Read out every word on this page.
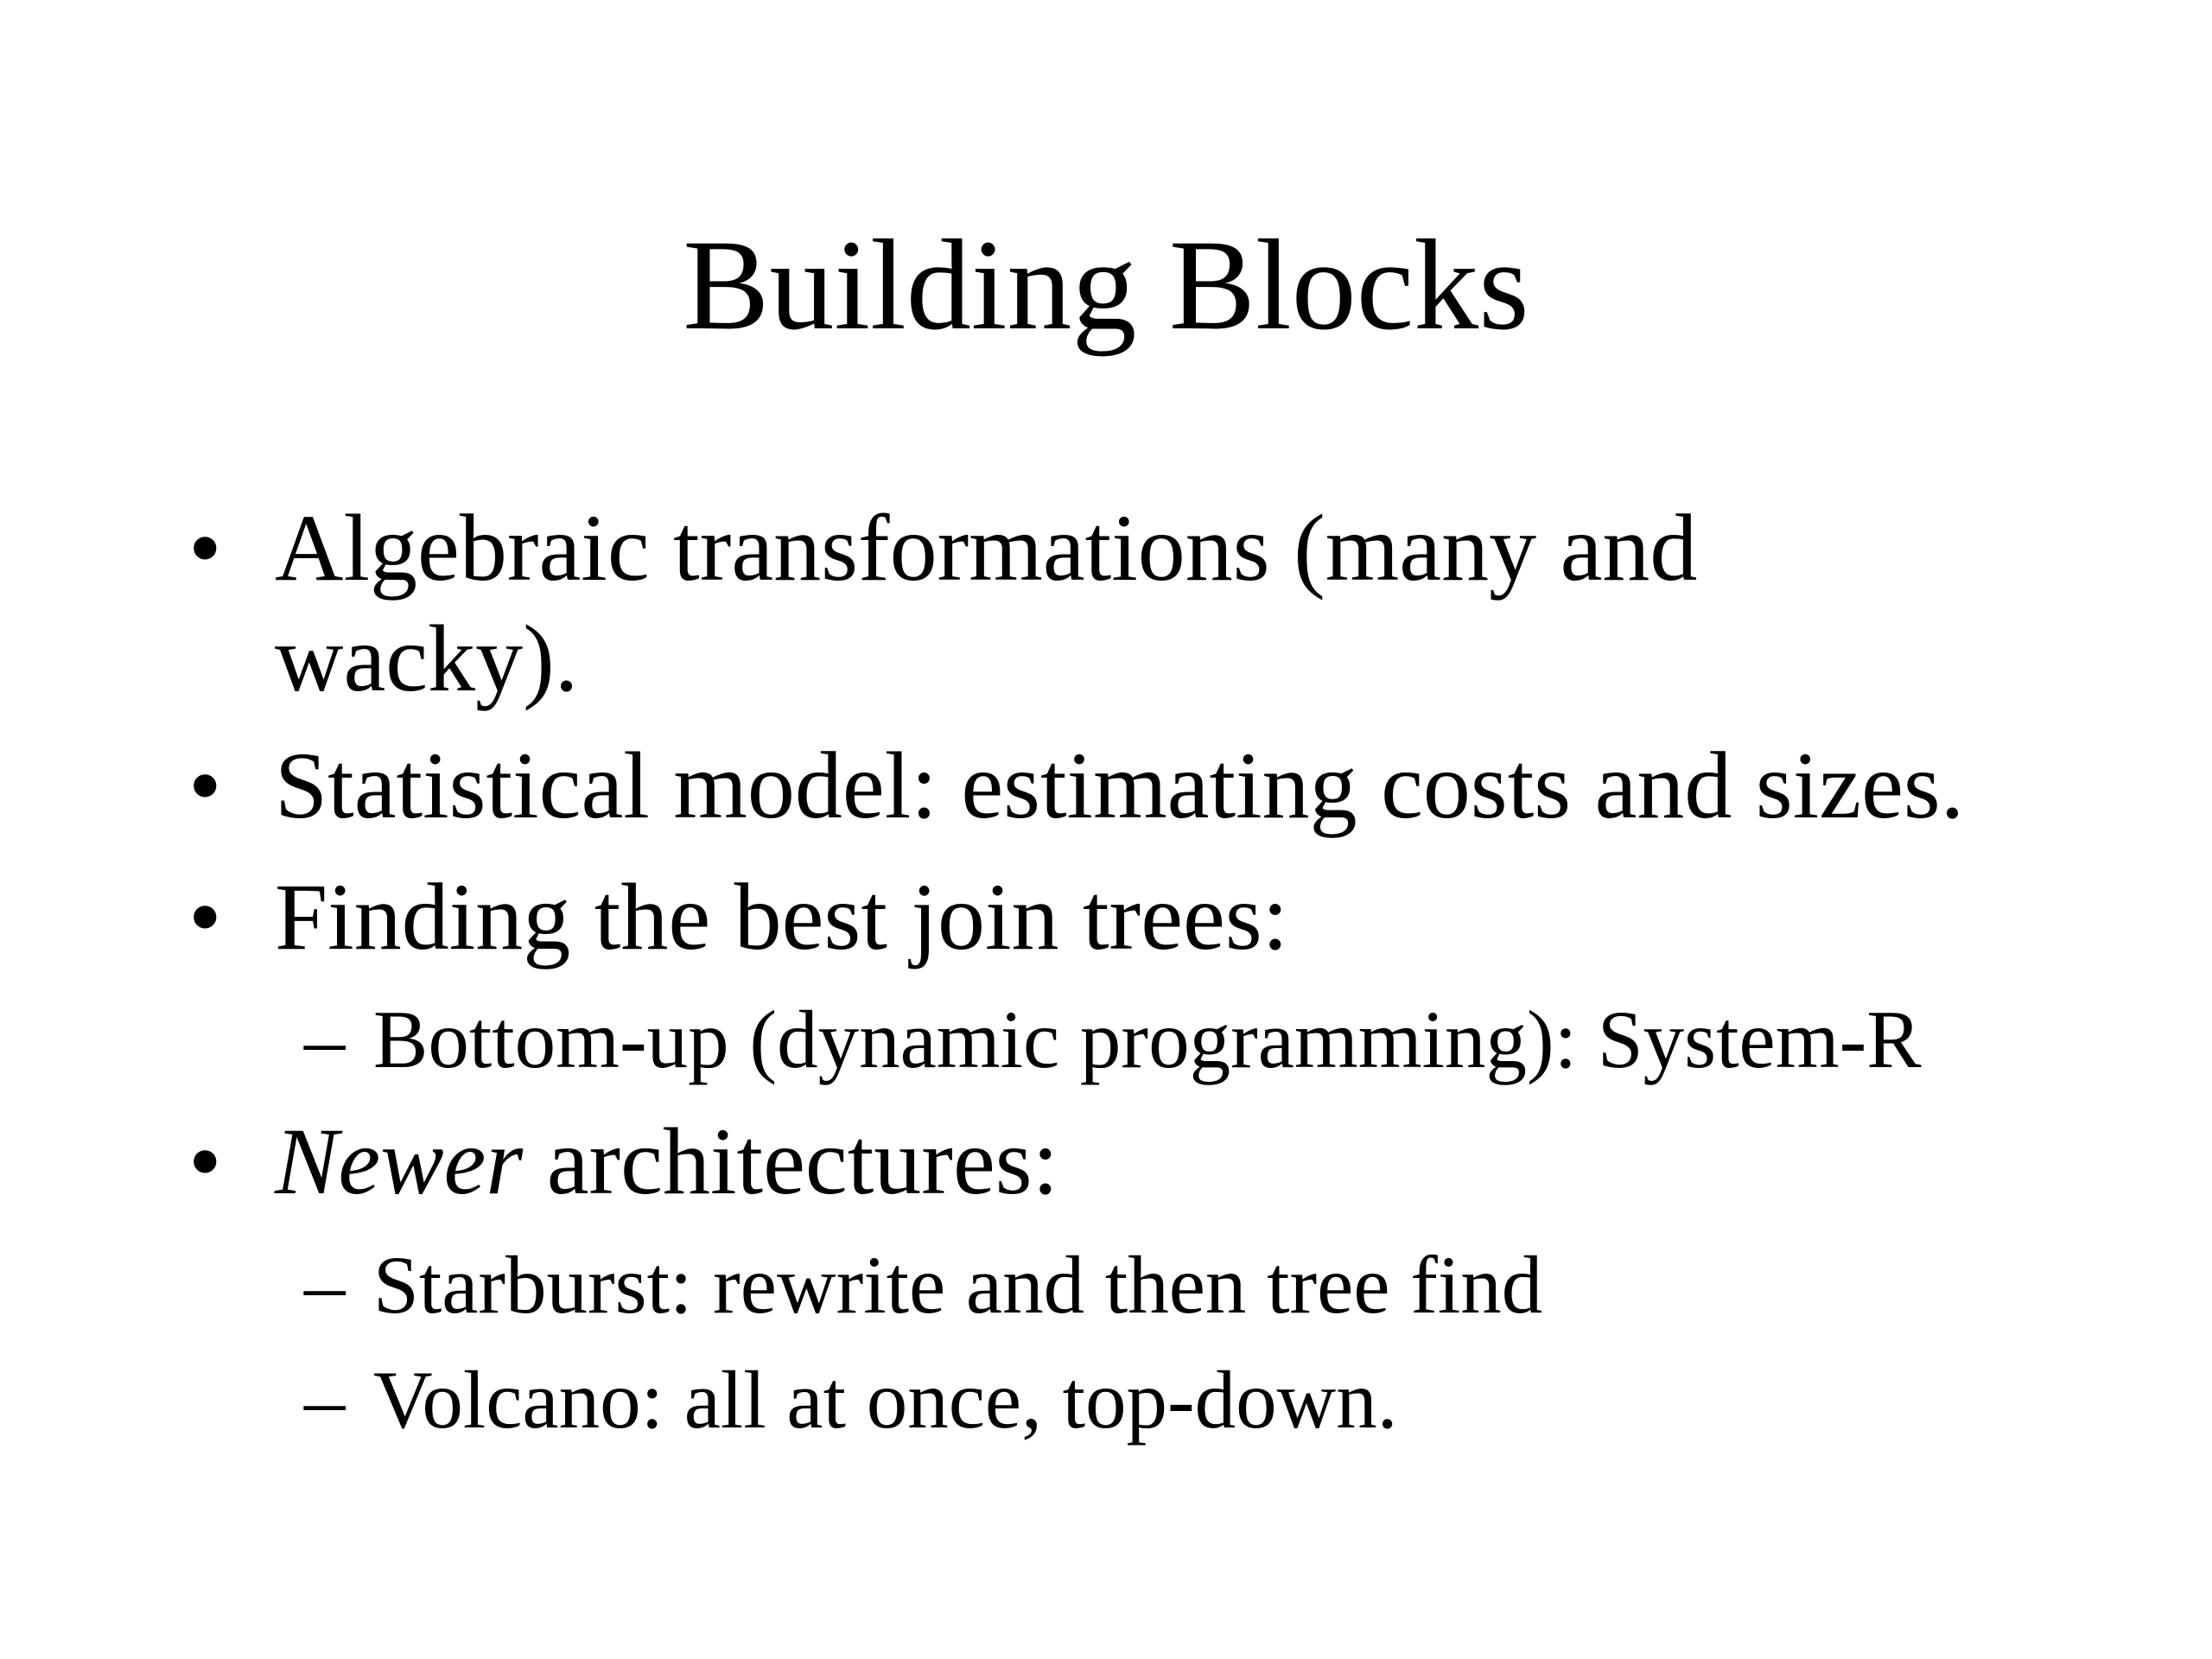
Building Blocks
• Algebraic transformations (many and
wacky).
• Statistical model: estimating costs and sizes.
• Finding the best join trees:
– Bottom-up (dynamic programming): System-R
• Newer architectures:
– Starburst: rewrite and then tree find
– Volcano: all at once, top-down.
